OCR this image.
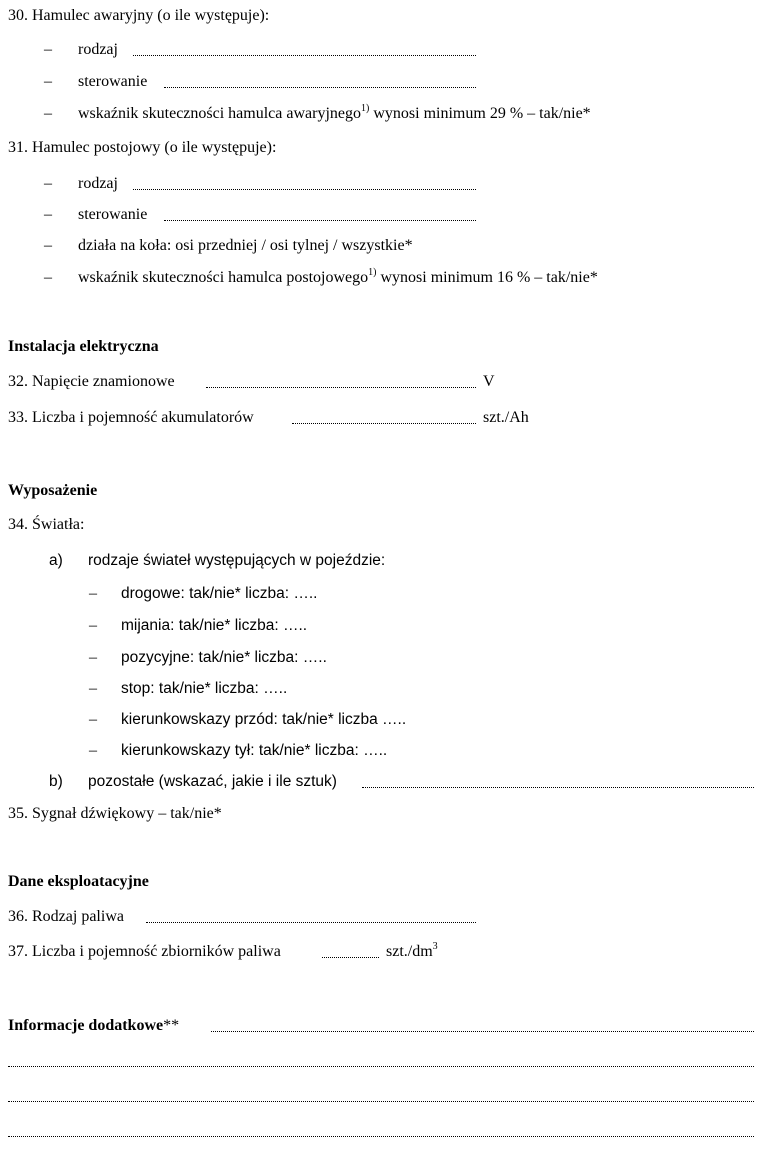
30. Hamulec awaryjny (o ile występuje):
– rodzaj
– sterowanie
– wskaźnik skuteczności hamulca awaryjnego$^{1)}$ wynosi minimum 29 % – tak/nie*
31. Hamulec postojowy (o ile występuje):
– rodzaj
– sterowanie
– działa na koła: osi przedniej / osi tylnej / wszystkie*
– wskaźnik skuteczności hamulca postojowego$^{1)}$ wynosi minimum 16 % – tak/nie*
Instalacja elektryczna
32. Napięcie znamionowe	V
33. Liczba i pojemność akumulatorów	szt./Ah
Wyposażenie
34. Światła:
a) rodzaje świateł występujących w pojeździe:
– drogowe: tak/nie* liczba: …..
– mijania: tak/nie* liczba: …..
– pozycyjne: tak/nie* liczba: …..
– stop: tak/nie* liczba: …..
– kierunkowskazy przód: tak/nie* liczba …..
– kierunkowskazy tył: tak/nie* liczba: …..
b) pozostałe (wskazać, jakie i ile sztuk)
35. Sygnał dźwiękowy – tak/nie*
Dane eksploatacyjne
36. Rodzaj paliwa
37. Liczba i pojemność zbiorników paliwa	$szt./dm^3$
Informacje dodatkowe**
